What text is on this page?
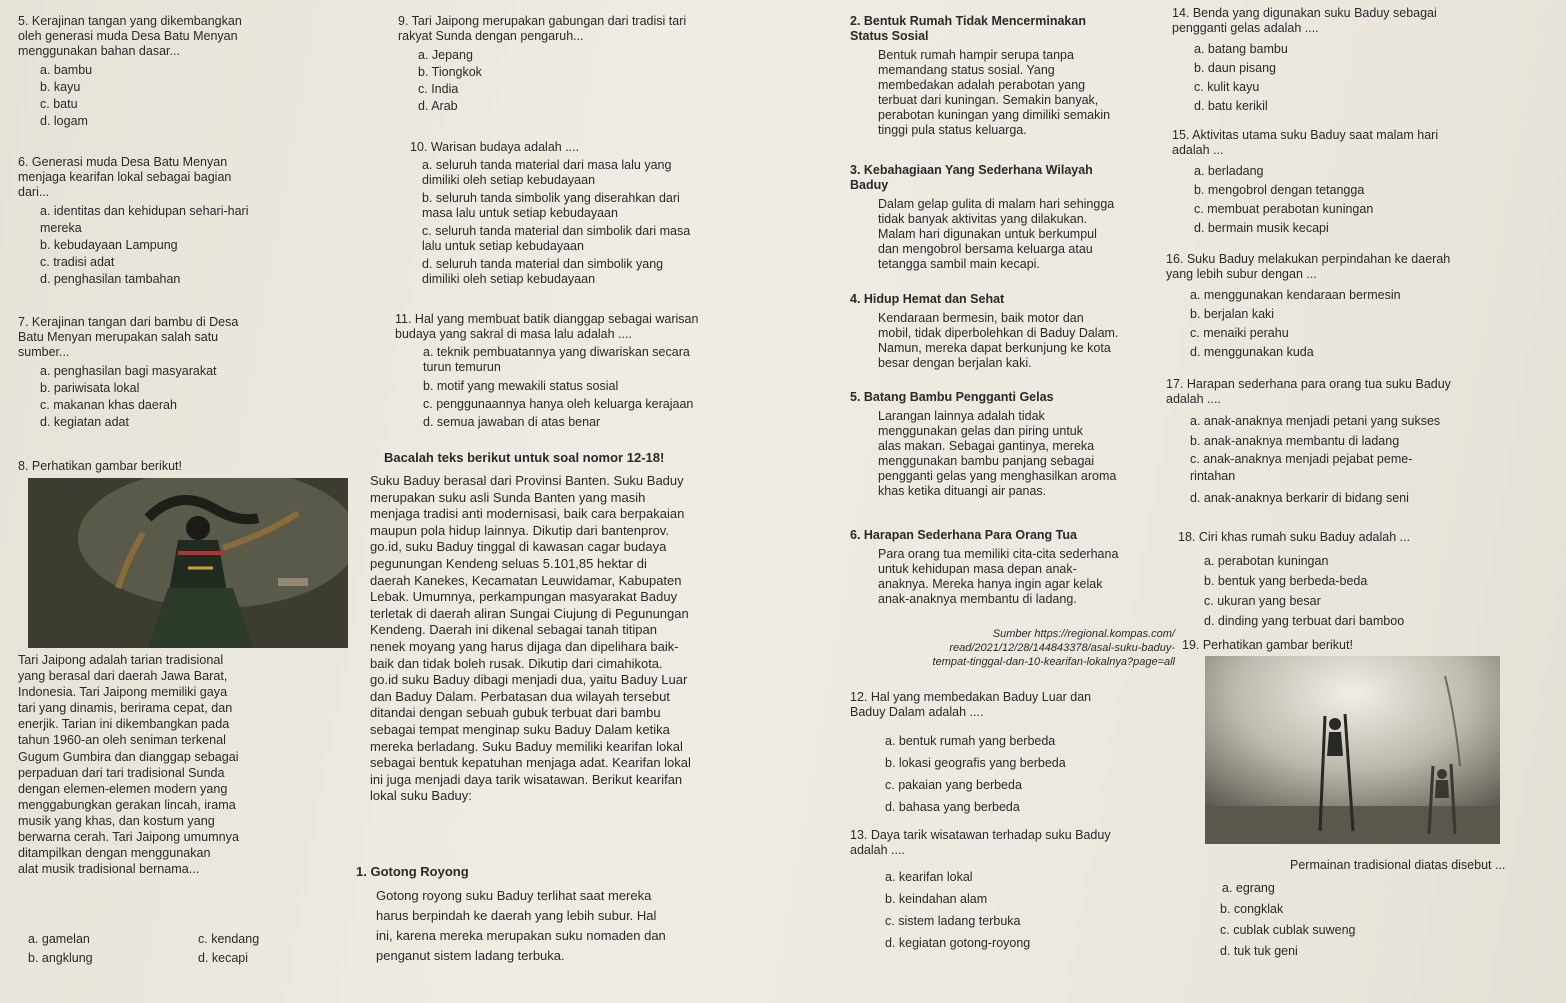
5. Kerajinan tangan yang dikembangkan
oleh generasi muda Desa Batu Menyan
menggunakan bahan dasar...
a. bambu
b. kayu
c. batu
d. logam
6. Generasi muda Desa Batu Menyan
menjaga kearifan lokal sebagai bagian
dari...
a. identitas dan kehidupan sehari-hari
mereka
b. kebudayaan Lampung
c. tradisi adat
d. penghasilan tambahan
7. Kerajinan tangan dari bambu di Desa
Batu Menyan merupakan salah satu
sumber...
a. penghasilan bagi masyarakat
b. pariwisata lokal
c. makanan khas daerah
d. kegiatan adat
8. Perhatikan gambar berikut!
Tari Jaipong adalah tarian tradisional
yang berasal dari daerah Jawa Barat,
Indonesia. Tari Jaipong memiliki gaya
tari yang dinamis, berirama cepat, dan
enerjik. Tarian ini dikembangkan pada
tahun 1960-an oleh seniman terkenal
Gugum Gumbira dan dianggap sebagai
perpaduan dari tari tradisional Sunda
dengan elemen-elemen modern yang
menggabungkan gerakan lincah, irama
musik yang khas, dan kostum yang
berwarna cerah. Tari Jaipong umumnya
ditampilkan dengan menggunakan
alat musik tradisional bernama...
a. gamelan
b. angklung
c. kendang
d. kecapi
9. Tari Jaipong merupakan gabungan dari tradisi tari
rakyat Sunda dengan pengaruh...
a. Jepang
b. Tiongkok
c. India
d. Arab
10. Warisan budaya adalah ....
a. seluruh tanda material dari masa lalu yang
dimiliki oleh setiap kebudayaan
b. seluruh tanda simbolik yang diserahkan dari
masa lalu untuk setiap kebudayaan
c. seluruh tanda material dan simbolik dari masa
lalu untuk setiap kebudayaan
d. seluruh tanda material dan simbolik yang
dimiliki oleh setiap kebudayaan
11. Hal yang membuat batik dianggap sebagai warisan
budaya yang sakral di masa lalu adalah ....
a. teknik pembuatannya yang diwariskan secara
turun temurun
b. motif yang mewakili status sosial
c. penggunaannya hanya oleh keluarga kerajaan
d. semua jawaban di atas benar
Bacalah teks berikut untuk soal nomor 12-18!
Suku Baduy berasal dari Provinsi Banten. Suku Baduy
merupakan suku asli Sunda Banten yang masih
menjaga tradisi anti modernisasi, baik cara berpakaian
maupun pola hidup lainnya. Dikutip dari bantenprov.
go.id, suku Baduy tinggal di kawasan cagar budaya
pegunungan Kendeng seluas 5.101,85 hektar di
daerah Kanekes, Kecamatan Leuwidamar, Kabupaten
Lebak. Umumnya, perkampungan masyarakat Baduy
terletak di daerah aliran Sungai Ciujung di Pegunungan
Kendeng. Daerah ini dikenal sebagai tanah titipan
nenek moyang yang harus dijaga dan dipelihara baik-
baik dan tidak boleh rusak. Dikutip dari cimahikota.
go.id suku Baduy dibagi menjadi dua, yaitu Baduy Luar
dan Baduy Dalam. Perbatasan dua wilayah tersebut
ditandai dengan sebuah gubuk terbuat dari bambu
sebagai tempat menginap suku Baduy Dalam ketika
mereka berladang. Suku Baduy memiliki kearifan lokal
sebagai bentuk kepatuhan menjaga adat. Kearifan lokal
ini juga menjadi daya tarik wisatawan. Berikut kearifan
lokal suku Baduy:
1. Gotong Royong
Gotong royong suku Baduy terlihat saat mereka
harus berpindah ke daerah yang lebih subur. Hal
ini, karena mereka merupakan suku nomaden dan
penganut sistem ladang terbuka.
2. Bentuk Rumah Tidak Mencerminakan
Status Sosial
Bentuk rumah hampir serupa tanpa
memandang status sosial. Yang
membedakan adalah perabotan yang
terbuat dari kuningan. Semakin banyak,
perabotan kuningan yang dimiliki semakin
tinggi pula status keluarga.
3. Kebahagiaan Yang Sederhana Wilayah
Baduy
Dalam gelap gulita di malam hari sehingga
tidak banyak aktivitas yang dilakukan.
Malam hari digunakan untuk berkumpul
dan mengobrol bersama keluarga atau
tetangga sambil main kecapi.
4. Hidup Hemat dan Sehat
Kendaraan bermesin, baik motor dan
mobil, tidak diperbolehkan di Baduy Dalam.
Namun, mereka dapat berkunjung ke kota
besar dengan berjalan kaki.
5. Batang Bambu Pengganti Gelas
Larangan lainnya adalah tidak
menggunakan gelas dan piring untuk
alas makan. Sebagai gantinya, mereka
menggunakan bambu panjang sebagai
pengganti gelas yang menghasilkan aroma
khas ketika dituangi air panas.
6. Harapan Sederhana Para Orang Tua
Para orang tua memiliki cita-cita sederhana
untuk kehidupan masa depan anak-
anaknya. Mereka hanya ingin agar kelak
anak-anaknya membantu di ladang.
Sumber https://regional.kompas.com/
read/2021/12/28/144843378/asal-suku-baduy-
tempat-tinggal-dan-10-kearifan-lokalnya?page=all
12. Hal yang membedakan Baduy Luar dan
Baduy Dalam adalah ....
a. bentuk rumah yang berbeda
b. lokasi geografis yang berbeda
c. pakaian yang berbeda
d. bahasa yang berbeda
13. Daya tarik wisatawan terhadap suku Baduy
adalah ....
a. kearifan lokal
b. keindahan alam
c. sistem ladang terbuka
d. kegiatan gotong-royong
14. Benda yang digunakan suku Baduy sebagai
pengganti gelas adalah ....
a. batang bambu
b. daun pisang
c. kulit kayu
d. batu kerikil
15. Aktivitas utama suku Baduy saat malam hari
adalah ...
a. berladang
b. mengobrol dengan tetangga
c. membuat perabotan kuningan
d. bermain musik kecapi
16. Suku Baduy melakukan perpindahan ke daerah
yang lebih subur dengan ...
a. menggunakan kendaraan bermesin
b. berjalan kaki
c. menaiki perahu
d. menggunakan kuda
17. Harapan sederhana para orang tua suku Baduy
adalah ....
a. anak-anaknya menjadi petani yang sukses
b. anak-anaknya membantu di ladang
c. anak-anaknya menjadi pejabat peme-
rintahan
d. anak-anaknya berkarir di bidang seni
18. Ciri khas rumah suku Baduy adalah ...
a. perabotan kuningan
b. bentuk yang berbeda-beda
c. ukuran yang besar
d. dinding yang terbuat dari bamboo
19. Perhatikan gambar berikut!
Permainan tradisional diatas disebut ...
a. egrang
b. congklak
c. cublak cublak suweng
d. tuk tuk geni
